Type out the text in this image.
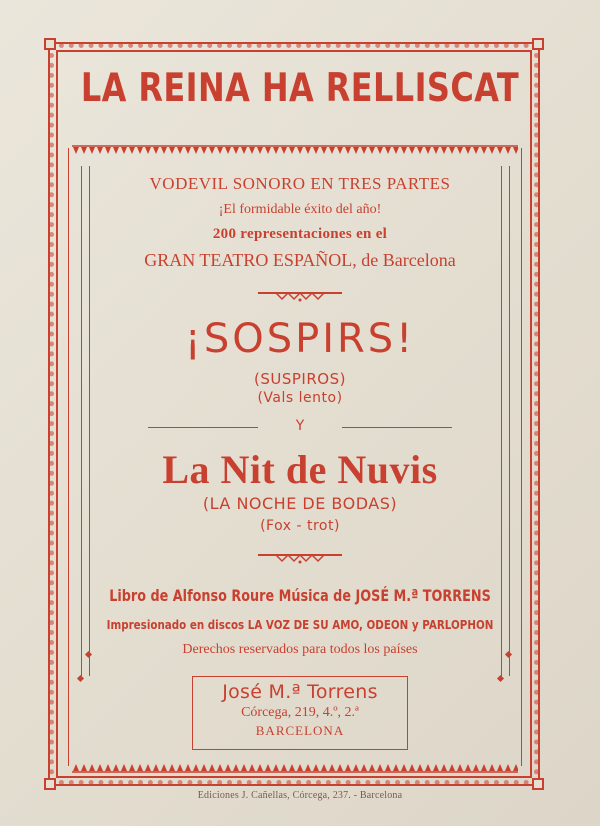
LA REINA HA RELLISCAT
VODEVIL SONORO EN TRES PARTES
¡El formidable éxito del año!
200 representaciones en el
GRAN TEATRO ESPAÑOL, de Barcelona
¡SOSPIRS!
(SUSPIROS)
(Vals lento)
Y
La Nit de Nuvis
(LA NOCHE DE BODAS)
(Fox - trot)
Libro de Alfonso Roure Música de JOSÉ M.ª TORRENS
Impresionado en discos LA VOZ DE SU AMO, ODEON y PARLOPHON
Derechos reservados para todos los países
José M.ª Torrens
Córcega, 219, 4.º, 2.ª
BARCELONA
Ediciones J. Cañellas, Córcega, 237. - Barcelona
